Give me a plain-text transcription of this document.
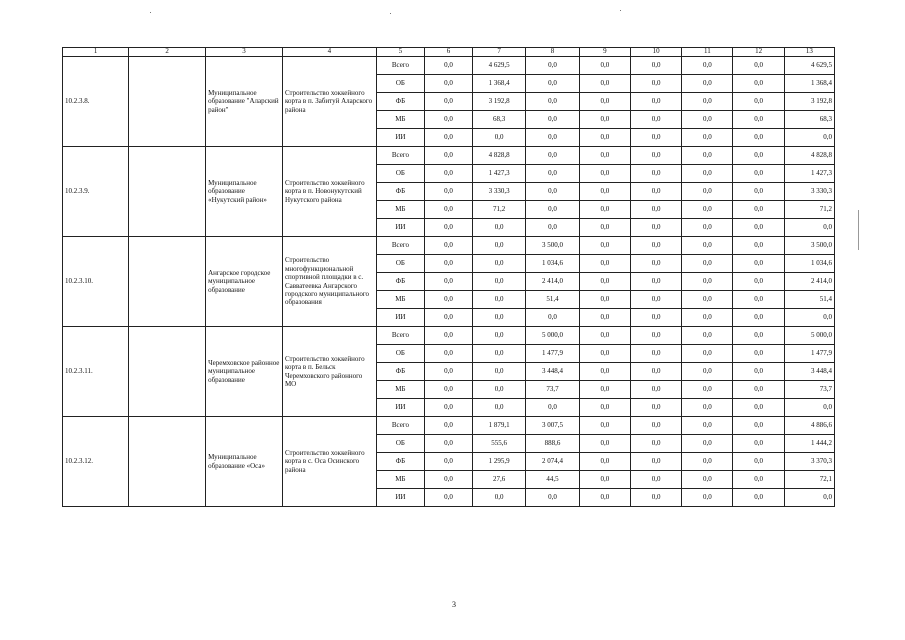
1	2	3	4	5	6	7	8	9	10	11	12	13
10.2.3.8.		Муниципальное образование "Аларский район"	Строительство хоккейного корта в п. Забитуй Аларского района	Всего	0,0	4 629,5	0,0	0,0	0,0	0,0	0,0	4 629,5
				ОБ	0,0	1 368,4	0,0	0,0	0,0	0,0	0,0	1 368,4
				ФБ	0,0	3 192,8	0,0	0,0	0,0	0,0	0,0	3 192,8
				МБ	0,0	68,3	0,0	0,0	0,0	0,0	0,0	68,3
				ИИ	0,0	0,0	0,0	0,0	0,0	0,0	0,0	0,0
10.2.3.9.		Муниципальное образование «Нукутский район»	Строительство хоккейного корта в п. Новонукутский Нукутского района	Всего	0,0	4 828,8	0,0	0,0	0,0	0,0	0,0	4 828,8
				ОБ	0,0	1 427,3	0,0	0,0	0,0	0,0	0,0	1 427,3
				ФБ	0,0	3 330,3	0,0	0,0	0,0	0,0	0,0	3 330,3
				МБ	0,0	71,2	0,0	0,0	0,0	0,0	0,0	71,2
				ИИ	0,0	0,0	0,0	0,0	0,0	0,0	0,0	0,0
10.2.3.10.		Ангарское городское муниципальное образование	Строительство многофункциональной спортивной площадки в с. Савватеевка Ангарского городского муниципального образования	Всего	0,0	0,0	3 500,0	0,0	0,0	0,0	0,0	3 500,0
				ОБ	0,0	0,0	1 034,6	0,0	0,0	0,0	0,0	1 034,6
				ФБ	0,0	0,0	2 414,0	0,0	0,0	0,0	0,0	2 414,0
				МБ	0,0	0,0	51,4	0,0	0,0	0,0	0,0	51,4
				ИИ	0,0	0,0	0,0	0,0	0,0	0,0	0,0	0,0
10.2.3.11.		Черемховское районное муниципальное образование	Строительство хоккейного корта в п. Бельск Черемховского районного МО	Всего	0,0	0,0	5 000,0	0,0	0,0	0,0	0,0	5 000,0
				ОБ	0,0	0,0	1 477,9	0,0	0,0	0,0	0,0	1 477,9
				ФБ	0,0	0,0	3 448,4	0,0	0,0	0,0	0,0	3 448,4
				МБ	0,0	0,0	73,7	0,0	0,0	0,0	0,0	73,7
				ИИ	0,0	0,0	0,0	0,0	0,0	0,0	0,0	0,0
10.2.3.12.		Муниципальное образование «Оса»	Строительство хоккейного корта в с. Оса Осинского района	Всего	0,0	1 879,1	3 007,5	0,0	0,0	0,0	0,0	4 886,6
				ОБ	0,0	555,6	888,6	0,0	0,0	0,0	0,0	1 444,2
				ФБ	0,0	1 295,9	2 074,4	0,0	0,0	0,0	0,0	3 370,3
				МБ	0,0	27,6	44,5	0,0	0,0	0,0	0,0	72,1
				ИИ	0,0	0,0	0,0	0,0	0,0	0,0	0,0	0,0
3
